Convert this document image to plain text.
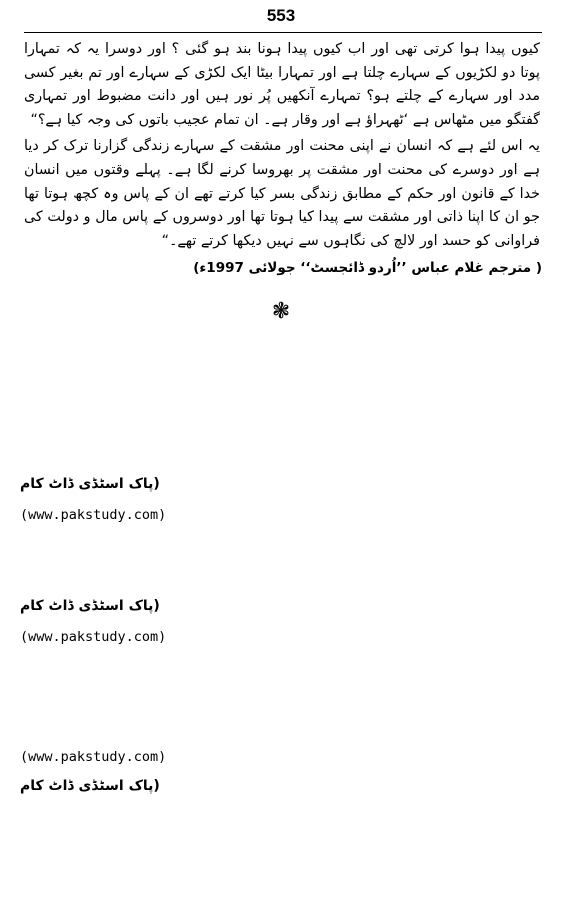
553

کیوں پیدا ہوا کرتی تھی اور اب کیوں پیدا ہونا بند ہو گئی ؟ اور دوسرا یہ کہ تمہارا پوتا دو لکڑیوں کے سہارے چلتا ہے اور تمہارا بیٹا ایک لکڑی کے سہارے اور تم بغیر کسی مدد اور سہارے کے چلتے ہو؟ تمہارے آنکھیں پُر نور ہیں اور دانت مضبوط اور تمہاری گفتگو میں مٹھاس ہے ‘ٹھہراؤ ہے اور وقار ہے۔ ان تمام عجیب باتوں کی وجہ کیا ہے؟“

یہ اس لئے ہے کہ انسان نے اپنی محنت اور مشقت کے سہارے زندگی گزارنا ترک کر دیا ہے اور دوسرے کی محنت اور مشقت پر بھروسا کرنے لگا ہے۔ پہلے وقتوں میں انسان خدا کے قانون اور حکم کے مطابق زندگی بسر کیا کرتے تھے ان کے پاس وہ کچھ ہوتا تھا جو ان کا اپنا ذاتی اور مشقت سے پیدا کیا ہوتا تھا اور دوسروں کے پاس مال و دولت کی فراوانی کو حسد اور لالچ کی نگاہوں سے نہیں دیکھا کرتے تھے۔“

( مترجم غلام عباس ’’اُردو ڈائجسٹ‘‘ جولائی 1997ء)
❃
(پاک اسٹڈی ڈاٹ کام
(www.pakstudy.com)
(پاک اسٹڈی ڈاٹ کام
(www.pakstudy.com)
(www.pakstudy.com)
(پاک اسٹڈی ڈاٹ کام
